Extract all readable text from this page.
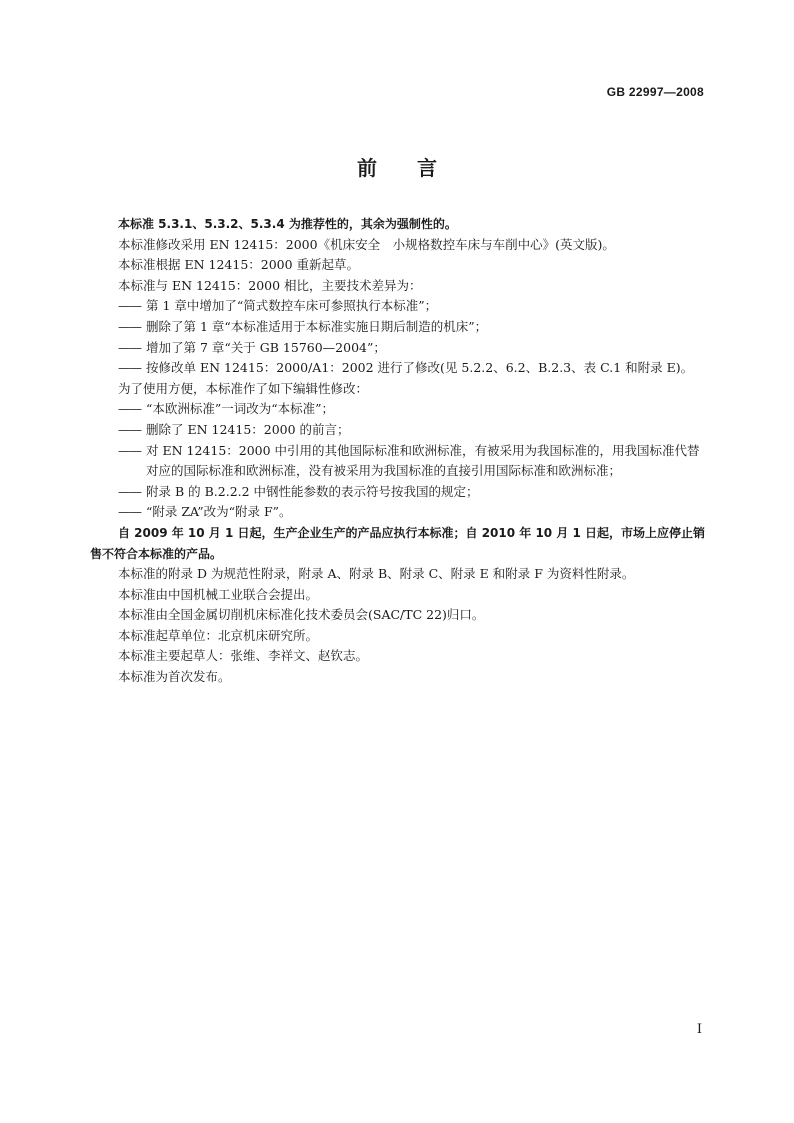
GB 22997—2008
前言

本标准 5.3.1、5.3.2、5.3.4 为推荐性的，其余为强制性的。

本标准修改采用 EN 12415：2000《机床安全　小规格数控车床与车削中心》(英文版)。

本标准根据 EN 12415：2000 重新起草。

本标准与 EN 12415：2000 相比，主要技术差异为：

—— 第 1 章中增加了“简式数控车床可参照执行本标准”；
—— 删除了第 1 章“本标准适用于本标准实施日期后制造的机床”；
—— 增加了第 7 章“关于 GB 15760—2004”；
—— 按修改单 EN 12415：2000/A1：2002 进行了修改(见 5.2.2、6.2、B.2.3、表 C.1 和附录 E)。

为了使用方便，本标准作了如下编辑性修改：

—— “本欧洲标准”一词改为“本标准”；
—— 删除了 EN 12415：2000 的前言；
—— 对 EN 12415：2000 中引用的其他国际标准和欧洲标准，有被采用为我国标准的，用我国标准代替对应的国际标准和欧洲标准，没有被采用为我国标准的直接引用国际标准和欧洲标准；
—— 附录 B 的 B.2.2.2 中钢性能参数的表示符号按我国的规定；
—— “附录 ZA”改为“附录 F”。

自 2009 年 10 月 1 日起，生产企业生产的产品应执行本标准；自 2010 年 10 月 1 日起，市场上应停止销售不符合本标准的产品。

本标准的附录 D 为规范性附录，附录 A、附录 B、附录 C、附录 E 和附录 F 为资料性附录。

本标准由中国机械工业联合会提出。

本标准由全国金属切削机床标准化技术委员会(SAC/TC 22)归口。

本标准起草单位：北京机床研究所。

本标准主要起草人：张维、李祥文、赵钦志。

本标准为首次发布。

I
